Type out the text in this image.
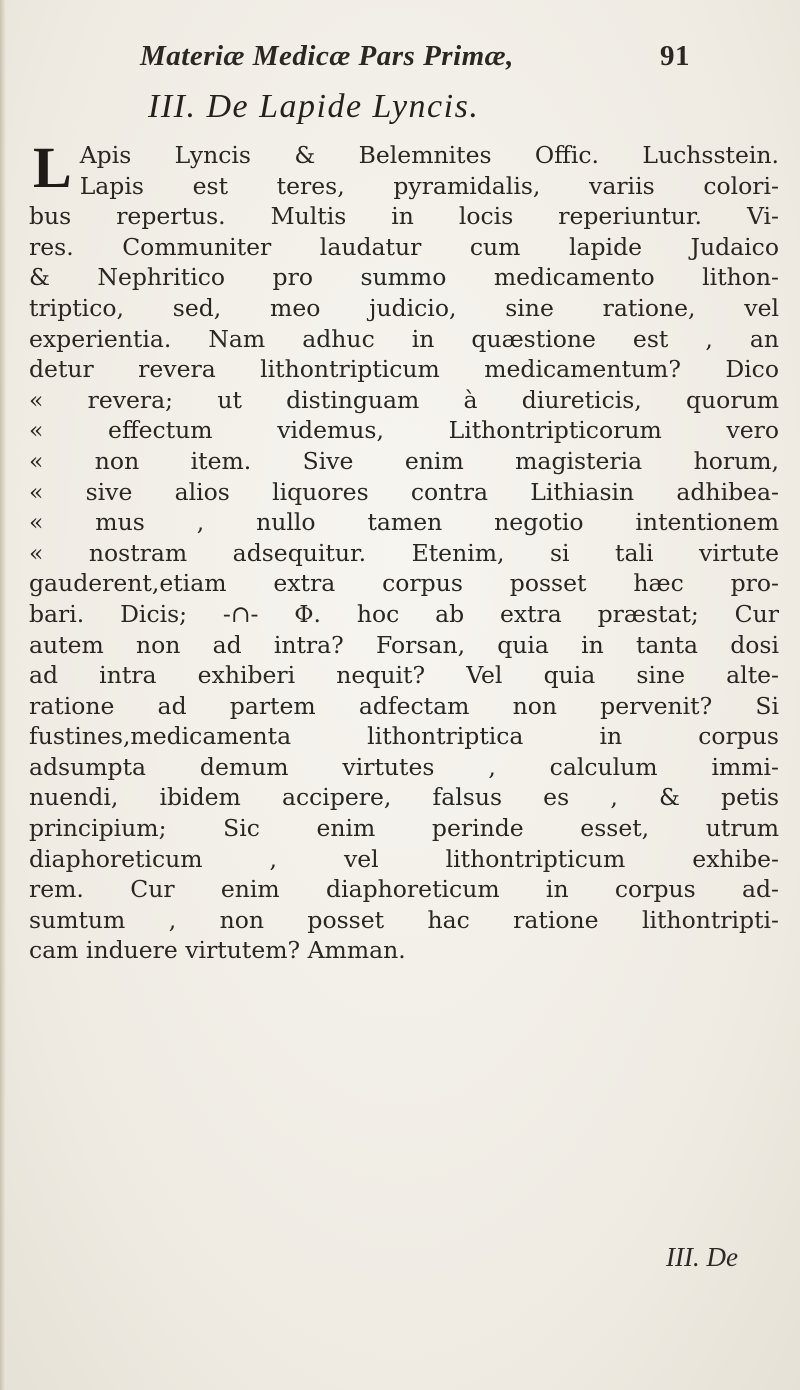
Materiæ Medicæ Pars Primæ,	91
III. De Lapide Lyncis.
L Apis Lyncis & Belemnites Offic. Luchsstein.
Lapis est teres, pyramidalis, variis colori-
bus repertus. Multis in locis reperiuntur. Vi-
res. Communiter laudatur cum lapide Judaico
& Nephritico pro summo medicamento lithon-
triptico, sed, meo judicio, sine ratione, vel
experientia. Nam adhuc in quæstione est , an
detur revera lithontripticum medicamentum? Dico
« revera; ut distinguam à diureticis, quorum
« effectum videmus, Lithontripticorum vero
« non item. Sive enim magisteria horum,
« sive alios liquores contra Lithiasin adhibea-
« mus , nullo tamen negotio intentionem
« nostram adsequitur. Etenim, si tali virtute
gauderent,etiam extra corpus posset hæc pro-
bari. Dicis; -∩- Φ. hoc ab extra præstat; Cur
autem non ad intra? Forsan, quia in tanta dosi
ad intra exhiberi nequit? Vel quia sine alte-
ratione ad partem adfectam non pervenit? Si
fustines,medicamenta lithontriptica in corpus
adsumpta demum virtutes , calculum immi-
nuendi, ibidem accipere, falsus es , & petis
principium; Sic enim perinde esset, utrum
diaphoreticum , vel lithontripticum exhibe-
rem. Cur enim diaphoreticum in corpus ad-
sumtum , non posset hac ratione lithontripti-
cam induere virtutem? Amman.
III. De
